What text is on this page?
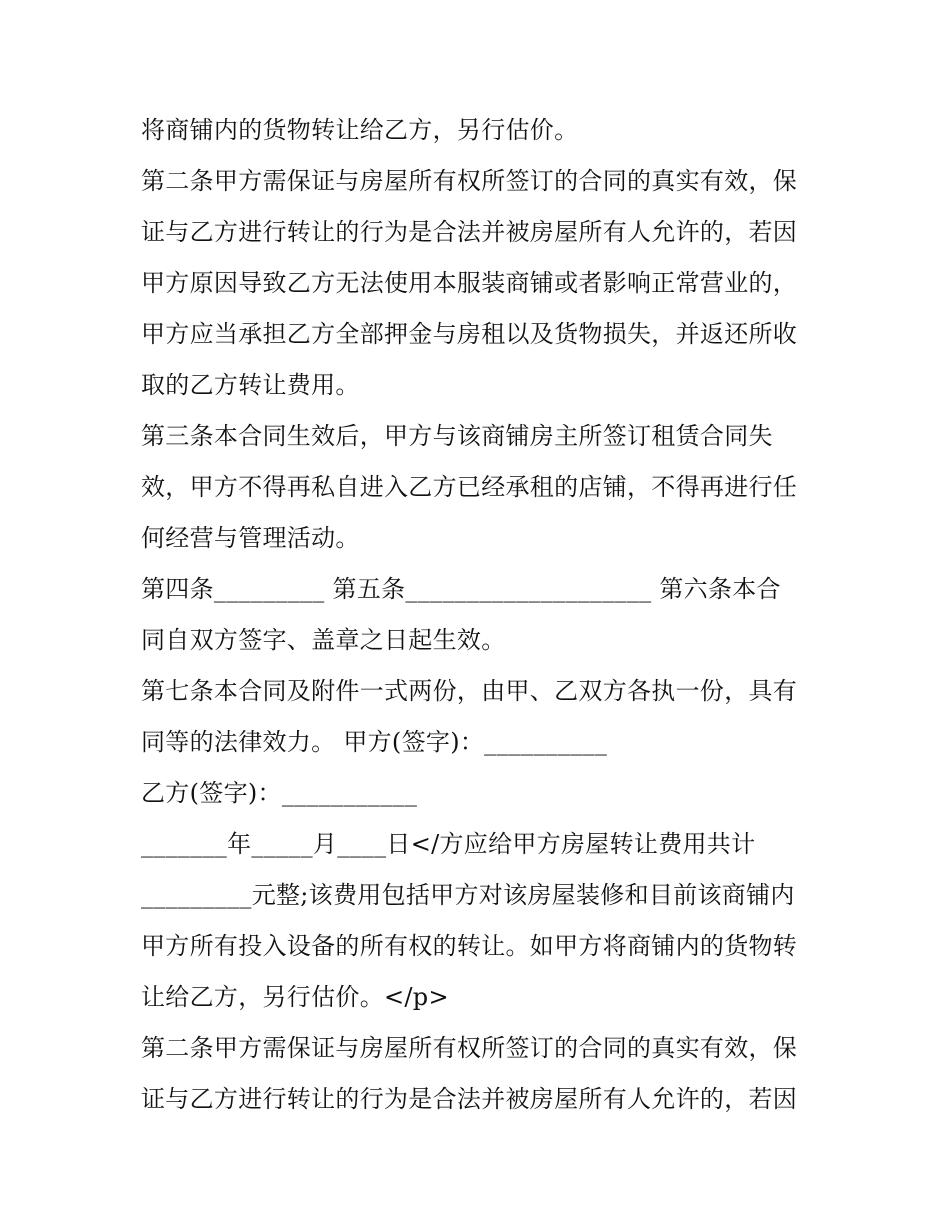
将商铺内的货物转让给乙方，另行估价。

第二条甲方需保证与房屋所有权所签订的合同的真实有效，保

证与乙方进行转让的行为是合法并被房屋所有人允许的，若因

甲方原因导致乙方无法使用本服装商铺或者影响正常营业的，

甲方应当承担乙方全部押金与房租以及货物损失，并返还所收

取的乙方转让费用。

第三条本合同生效后，甲方与该商铺房主所签订租赁合同失

效，甲方不得再私自进入乙方已经承租的店铺，不得再进行任

何经营与管理活动。

第四条_________ 第五条____________________ 第六条本合

同自双方签字、盖章之日起生效。

第七条本合同及附件一式两份，由甲、乙双方各执一份，具有

同等的法律效力。 甲方(签字)：__________

乙方(签字)：___________

_______年_____月____日</方应给甲方房屋转让费用共计

_________元整;该费用包括甲方对该房屋装修和目前该商铺内

甲方所有投入设备的所有权的转让。如甲方将商铺内的货物转

让给乙方，另行估价。</p>

第二条甲方需保证与房屋所有权所签订的合同的真实有效，保

证与乙方进行转让的行为是合法并被房屋所有人允许的，若因
